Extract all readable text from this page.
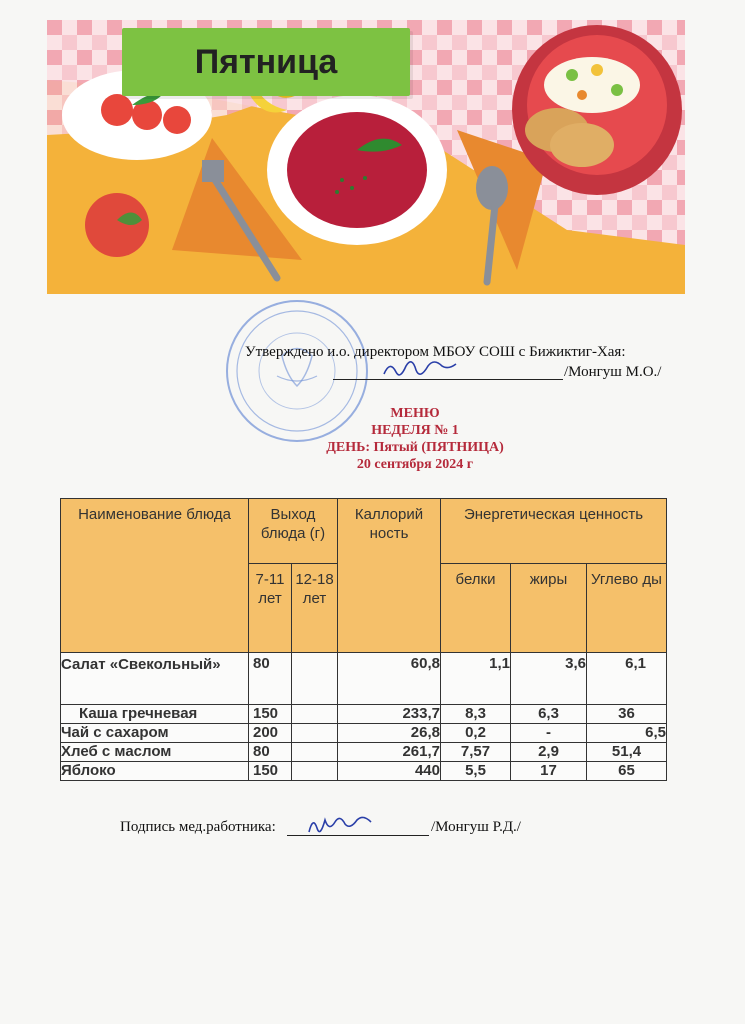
Пятница
Утверждено и.о. директором МБОУ СОШ с Бижиктиг-Хая:
/Монгуш М.О./
МЕНЮ
НЕДЕЛЯ № 1
ДЕНЬ: Пятый (ПЯТНИЦА)
20 сентября 2024 г
Наименование блюда	Выход блюда (г)		Каллорий ность	Энергетическая ценность		
	7-11 лет	12-18 лет		белки	жиры	Углево ды
Салат «Свекольный»	80		60,8	1,1	3,6	6,1
Каша гречневая	150		233,7	8,3	6,3	36
Чай с сахаром	200		26,8	0,2	-	6,5
Хлеб с маслом	80		261,7	7,57	2,9	51,4
Яблоко	150		440	5,5	17	65
Подпись мед.работника:	/Монгуш Р.Д./
